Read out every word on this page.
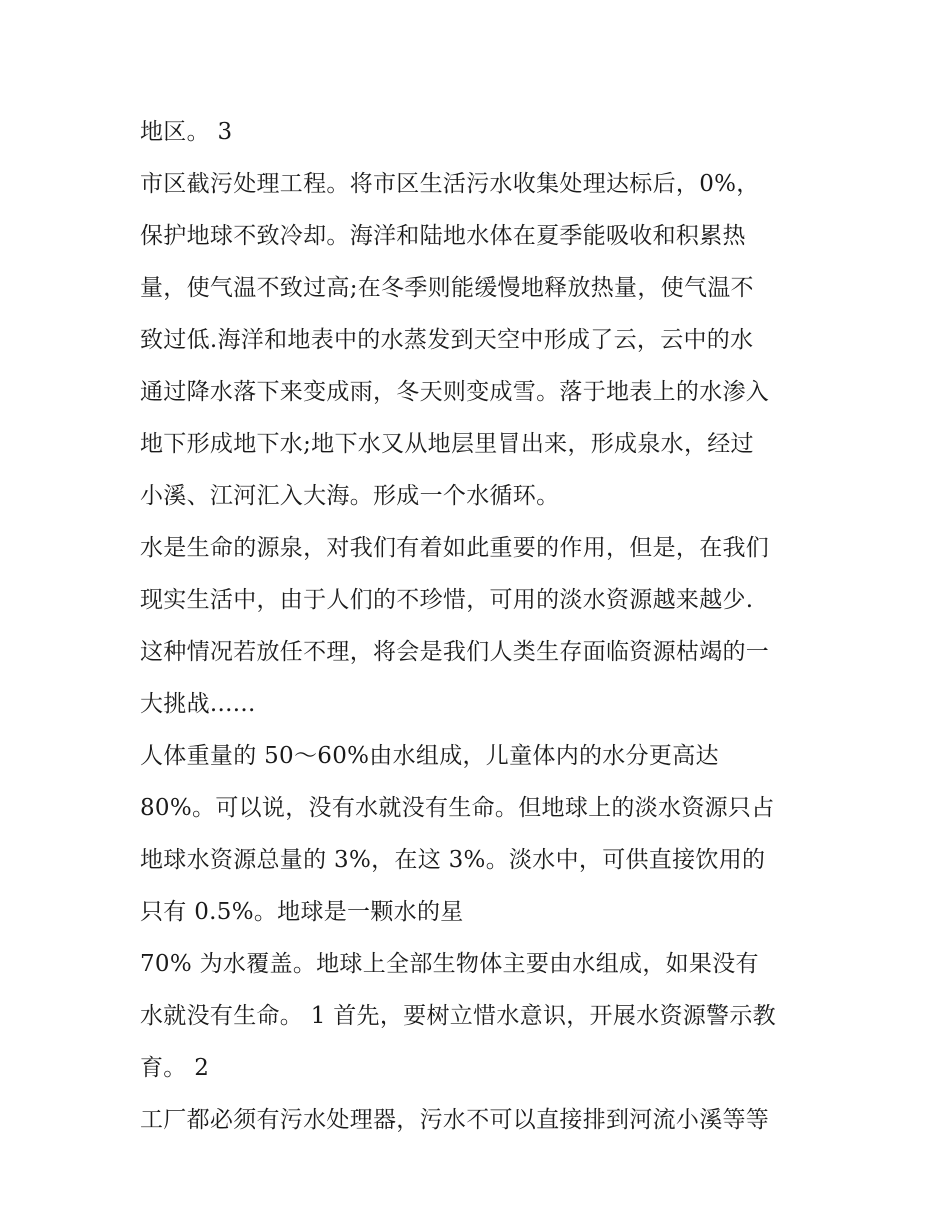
地区。 3
市区截污处理工程。将市区生活污水收集处理达标后，0%，
保护地球不致冷却。海洋和陆地水体在夏季能吸收和积累热
量，使气温不致过高;在冬季则能缓慢地释放热量，使气温不
致过低.海洋和地表中的水蒸发到天空中形成了云，云中的水
通过降水落下来变成雨，冬天则变成雪。落于地表上的水渗入
地下形成地下水;地下水又从地层里冒出来，形成泉水，经过
小溪、江河汇入大海。形成一个水循环。
水是生命的源泉，对我们有着如此重要的作用，但是，在我们
现实生活中，由于人们的不珍惜，可用的淡水资源越来越少.
这种情况若放任不理，将会是我们人类生存面临资源枯竭的一
大挑战......
人体重量的 50～60%由水组成，儿童体内的水分更高达
80%。可以说，没有水就没有生命。但地球上的淡水资源只占
地球水资源总量的 3%，在这 3%。淡水中，可供直接饮用的
只有 0.5%。地球是一颗水的星
70% 为水覆盖。地球上全部生物体主要由水组成，如果没有
水就没有生命。 1 首先，要树立惜水意识，开展水资源警示教
育。 2
工厂都必须有污水处理器，污水不可以直接排到河流小溪等等
